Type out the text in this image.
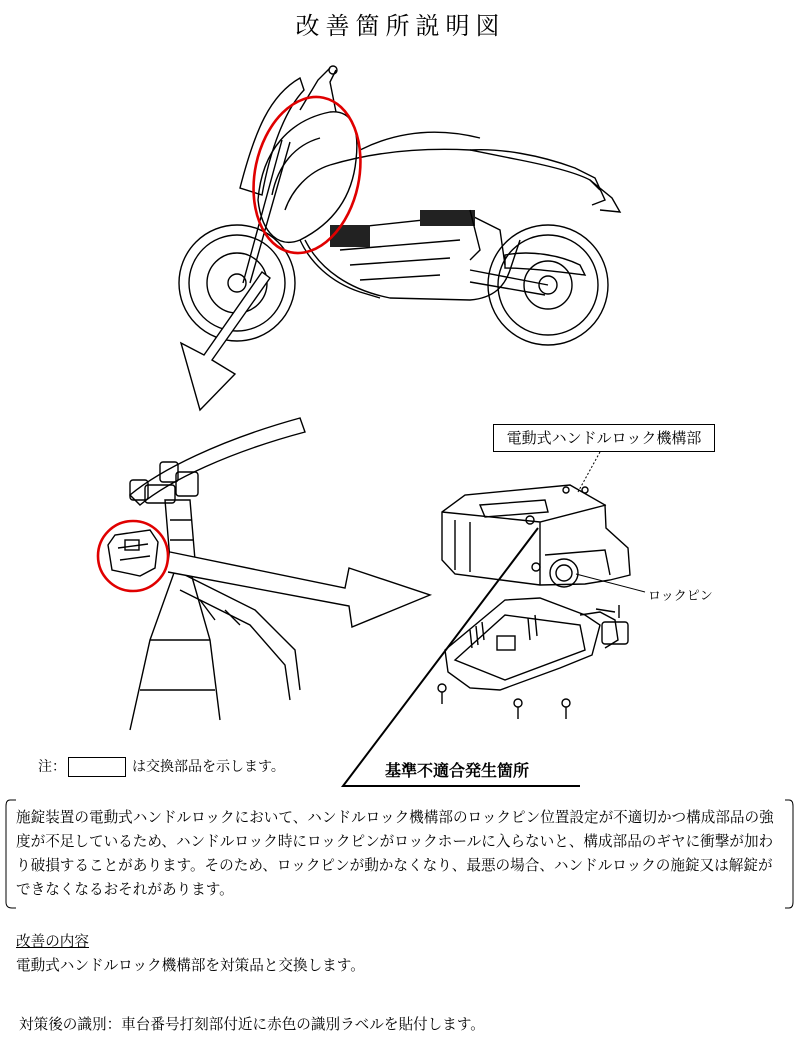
改善箇所説明図
電動式ハンドルロック機構部
ロックピン
注：	は交換部品を示します。	基準不適合発生箇所
施錠装置の電動式ハンドルロックにおいて、ハンドルロック機構部のロックピン位置設定が不適切かつ構成部品の強度が不足しているため、ハンドルロック時にロックピンがロックホールに入らないと、構成部品のギヤに衝撃が加わり破損することがあります。そのため、ロックピンが動かなくなり、最悪の場合、ハンドルロックの施錠又は解錠ができなくなるおそれがあります。
改善の内容
電動式ハンドルロック機構部を対策品と交換します。
対策後の識別：車台番号打刻部付近に赤色の識別ラベルを貼付します。
